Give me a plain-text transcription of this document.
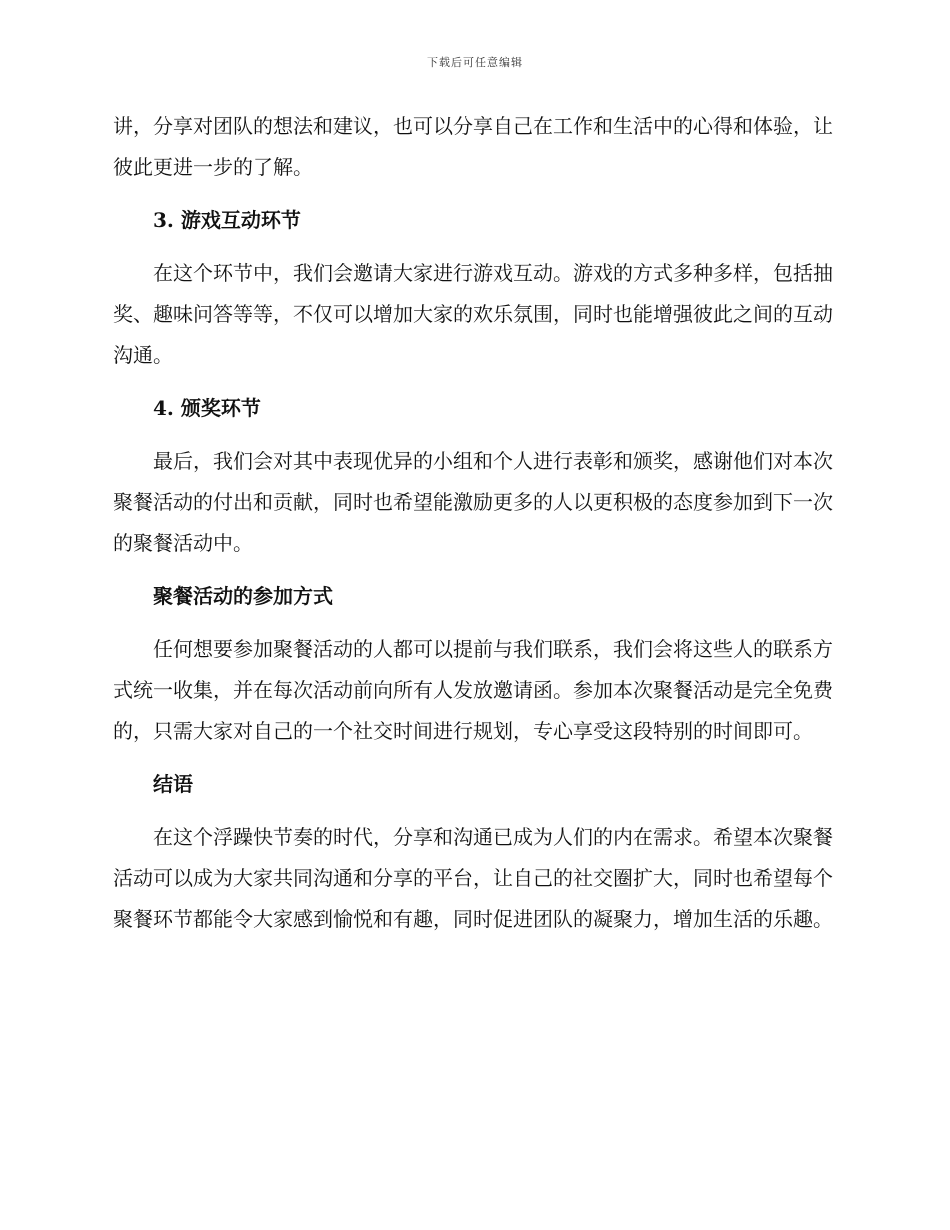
下载后可任意编辑

讲，分享对团队的想法和建议，也可以分享自己在工作和生活中的心得和体验，让彼此更进一步的了解。

3. 游戏互动环节

在这个环节中，我们会邀请大家进行游戏互动。游戏的方式多种多样，包括抽奖、趣味问答等等，不仅可以增加大家的欢乐氛围，同时也能增强彼此之间的互动沟通。

4. 颁奖环节

最后，我们会对其中表现优异的小组和个人进行表彰和颁奖，感谢他们对本次聚餐活动的付出和贡献，同时也希望能激励更多的人以更积极的态度参加到下一次的聚餐活动中。

聚餐活动的参加方式

任何想要参加聚餐活动的人都可以提前与我们联系，我们会将这些人的联系方式统一收集，并在每次活动前向所有人发放邀请函。参加本次聚餐活动是完全免费的，只需大家对自己的一个社交时间进行规划，专心享受这段特别的时间即可。

结语

在这个浮躁快节奏的时代，分享和沟通已成为人们的内在需求。希望本次聚餐活动可以成为大家共同沟通和分享的平台，让自己的社交圈扩大，同时也希望每个聚餐环节都能令大家感到愉悦和有趣，同时促进团队的凝聚力，增加生活的乐趣。
